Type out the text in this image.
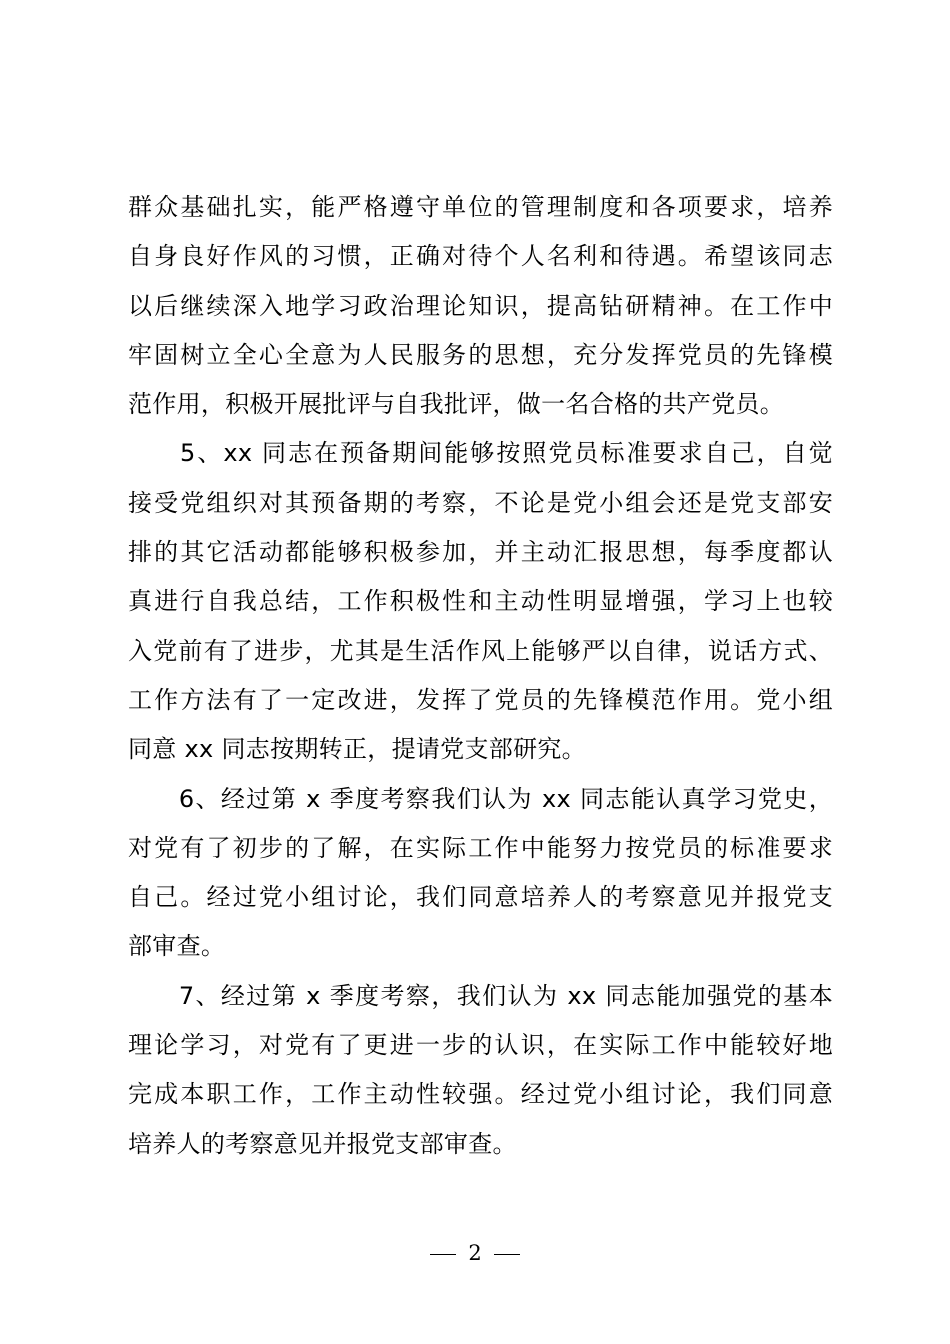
群众基础扎实，能严格遵守单位的管理制度和各项要求，培养
自身良好作风的习惯，正确对待个人名利和待遇。希望该同志
以后继续深入地学习政治理论知识，提高钻研精神。在工作中
牢固树立全心全意为人民服务的思想，充分发挥党员的先锋模
范作用，积极开展批评与自我批评，做一名合格的共产党员。
　　5、xx 同志在预备期间能够按照党员标准要求自己，自觉
接受党组织对其预备期的考察，不论是党小组会还是党支部安
排的其它活动都能够积极参加，并主动汇报思想，每季度都认
真进行自我总结，工作积极性和主动性明显增强，学习上也较
入党前有了进步，尤其是生活作风上能够严以自律，说话方式、
工作方法有了一定改进，发挥了党员的先锋模范作用。党小组
同意 xx 同志按期转正，提请党支部研究。
　　6、经过第 x 季度考察我们认为 xx 同志能认真学习党史，
对党有了初步的了解，在实际工作中能努力按党员的标准要求
自己。经过党小组讨论，我们同意培养人的考察意见并报党支
部审查。
　　7、经过第 x 季度考察，我们认为 xx 同志能加强党的基本
理论学习，对党有了更进一步的认识，在实际工作中能较好地
完成本职工作，工作主动性较强。经过党小组讨论，我们同意
培养人的考察意见并报党支部审查。
2
